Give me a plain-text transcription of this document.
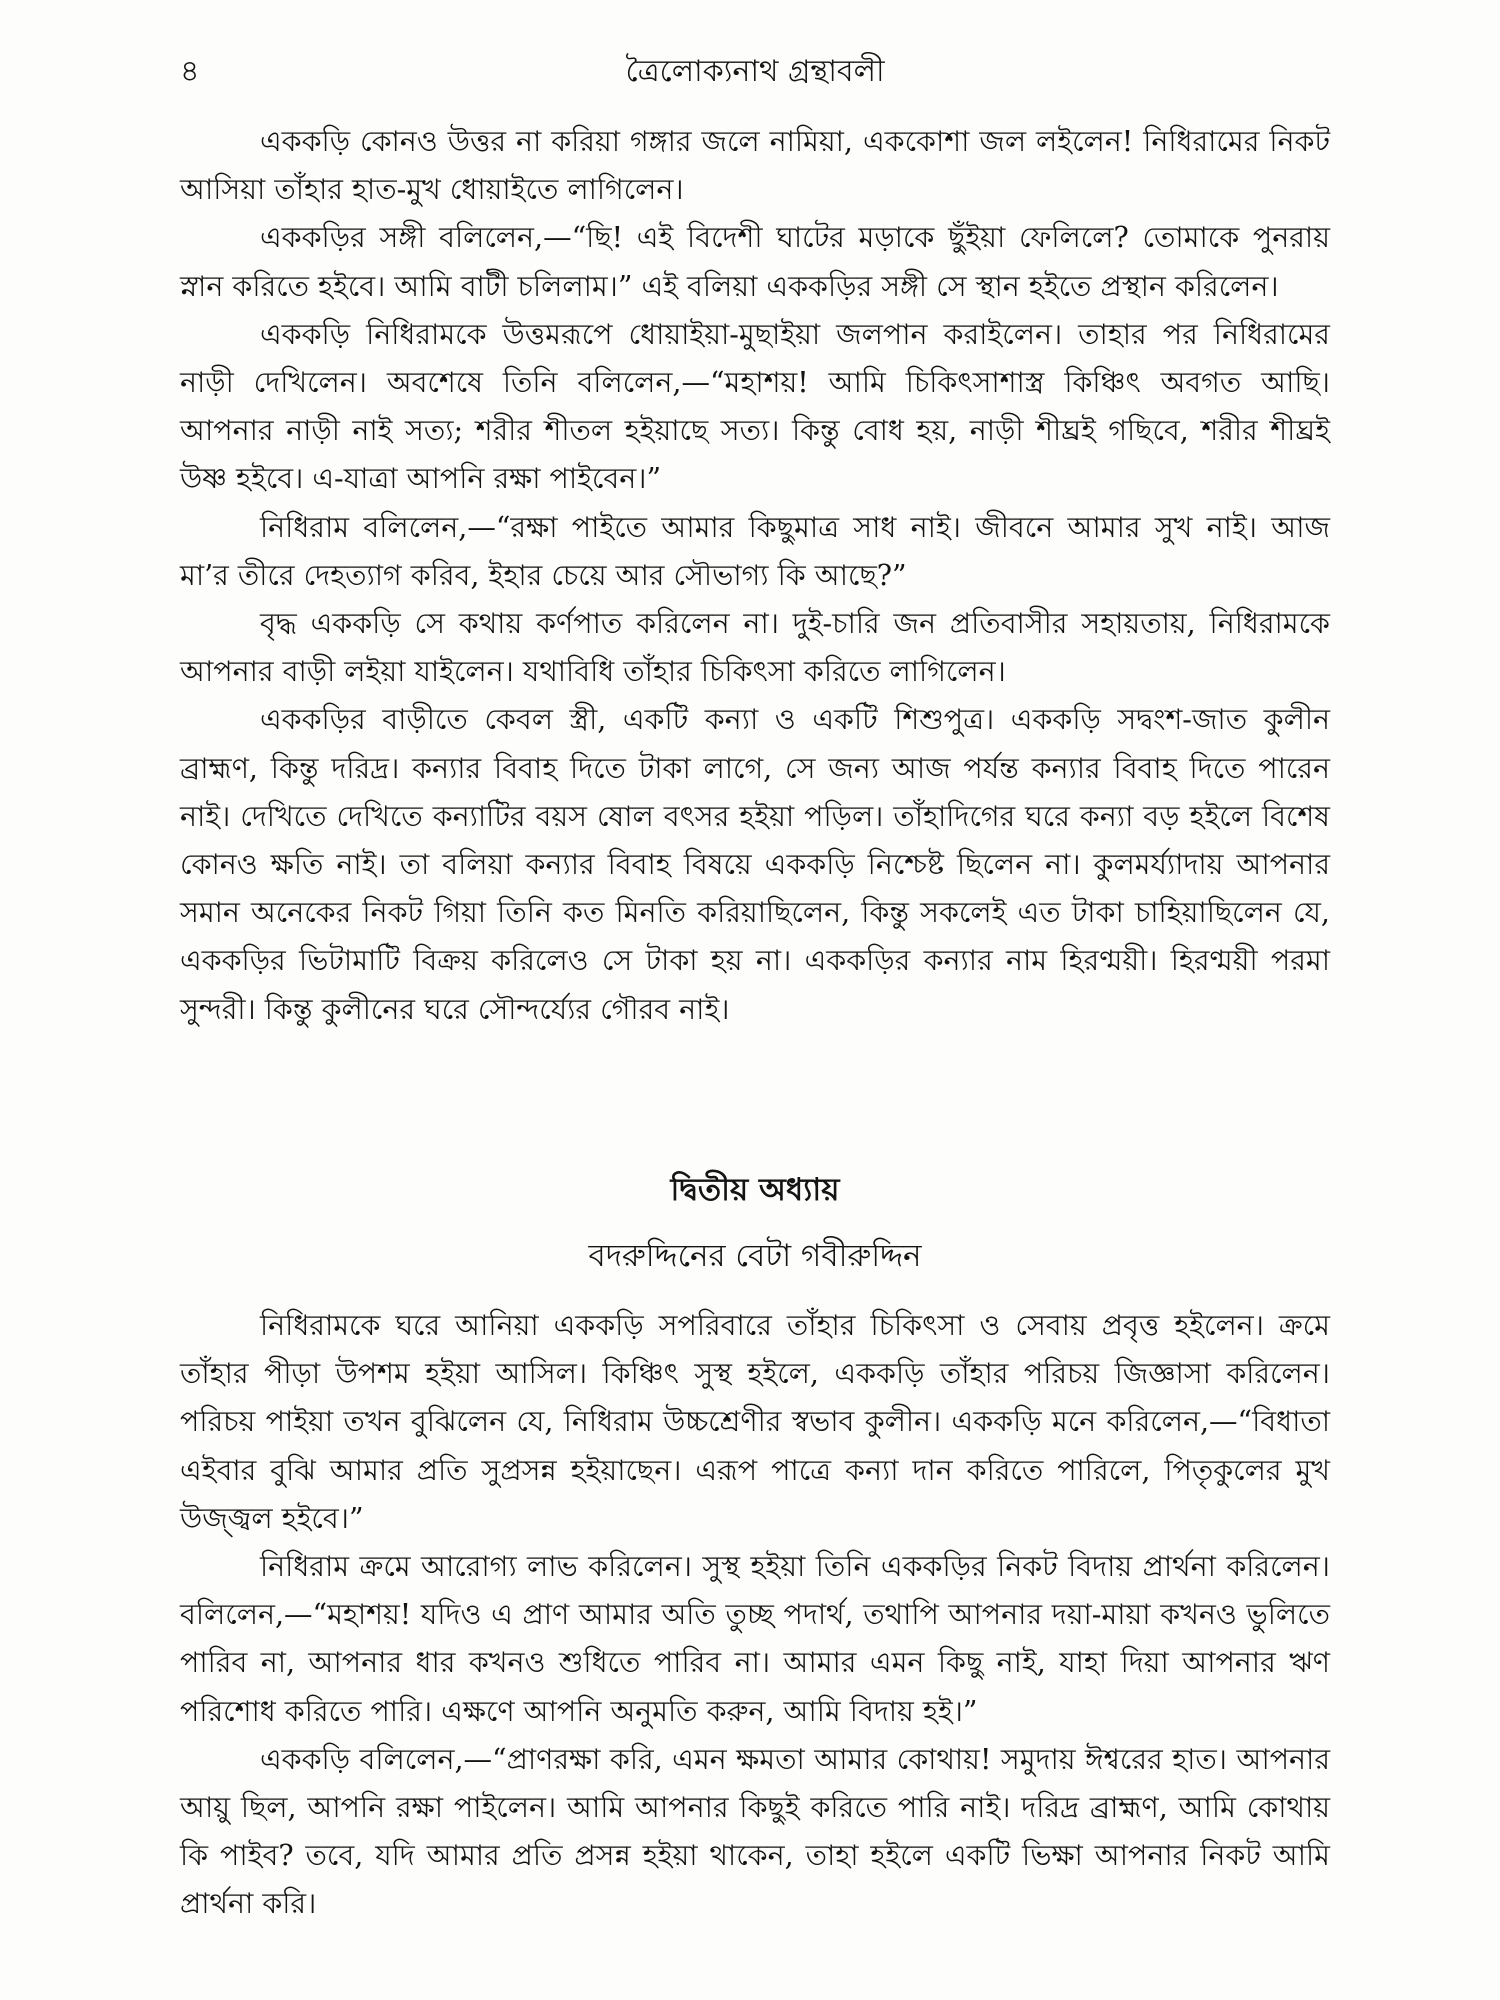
৪	ত্রৈলোক্যনাথ গ্রন্থাবলী

এককড়ি কোনও উত্তর না করিয়া গঙ্গার জলে নামিয়া, এককোশা জল লইলেন! নিধিরামের নিকট আসিয়া তাঁহার হাত-মুখ ধোয়াইতে লাগিলেন।

এককড়ির সঙ্গী বলিলেন,—“ছি! এই বিদেশী ঘাটের মড়াকে ছুঁইয়া ফেলিলে? তোমাকে পুনরায় স্নান করিতে হইবে। আমি বাটী চলিলাম।” এই বলিয়া এককড়ির সঙ্গী সে স্থান হইতে প্রস্থান করিলেন।

এককড়ি নিধিরামকে উত্তমরূপে ধোয়াইয়া-মুছাইয়া জলপান করাইলেন। তাহার পর নিধিরামের নাড়ী দেখিলেন। অবশেষে তিনি বলিলেন,—“মহাশয়! আমি চিকিৎসাশাস্ত্র কিঞ্চিৎ অবগত আছি। আপনার নাড়ী নাই সত্য; শরীর শীতল হইয়াছে সত্য। কিন্তু বোধ হয়, নাড়ী শীঘ্রই গছিবে, শরীর শীঘ্রই উষ্ণ হইবে। এ-যাত্রা আপনি রক্ষা পাইবেন।”

নিধিরাম বলিলেন,—“রক্ষা পাইতে আমার কিছুমাত্র সাধ নাই। জীবনে আমার সুখ নাই। আজ মা’র তীরে দেহত্যাগ করিব, ইহার চেয়ে আর সৌভাগ্য কি আছে?”

বৃদ্ধ এককড়ি সে কথায় কর্ণপাত করিলেন না। দুই-চারি জন প্রতিবাসীর সহায়তায়, নিধিরামকে আপনার বাড়ী লইয়া যাইলেন। যথাবিধি তাঁহার চিকিৎসা করিতে লাগিলেন।

এককড়ির বাড়ীতে কেবল স্ত্রী, একটি কন্যা ও একটি শিশুপুত্র। এককড়ি সদ্বংশ-জাত কুলীন ব্রাহ্মণ, কিন্তু দরিদ্র। কন্যার বিবাহ দিতে টাকা লাগে, সে জন্য আজ পর্যন্ত কন্যার বিবাহ দিতে পারেন নাই। দেখিতে দেখিতে কন্যাটির বয়স ষোল বৎসর হইয়া পড়িল। তাঁহাদিগের ঘরে কন্যা বড় হইলে বিশেষ কোনও ক্ষতি নাই। তা বলিয়া কন্যার বিবাহ বিষয়ে এককড়ি নিশ্চেষ্ট ছিলেন না। কুলমর্য্যাদায় আপনার সমান অনেকের নিকট গিয়া তিনি কত মিনতি করিয়াছিলেন, কিন্তু সকলেই এত টাকা চাহিয়াছিলেন যে, এককড়ির ভিটামাটি বিক্রয় করিলেও সে টাকা হয় না। এককড়ির কন্যার নাম হিরণ্ময়ী। হিরণ্ময়ী পরমা সুন্দরী। কিন্তু কুলীনের ঘরে সৌন্দর্য্যের গৌরব নাই।

দ্বিতীয় অধ্যায়
বদরুদ্দিনের বেটা গবীরুদ্দিন

নিধিরামকে ঘরে আনিয়া এককড়ি সপরিবারে তাঁহার চিকিৎসা ও সেবায় প্রবৃত্ত হইলেন। ক্রমে তাঁহার পীড়া উপশম হইয়া আসিল। কিঞ্চিৎ সুস্থ হইলে, এককড়ি তাঁহার পরিচয় জিজ্ঞাসা করিলেন। পরিচয় পাইয়া তখন বুঝিলেন যে, নিধিরাম উচ্চশ্রেণীর স্বভাব কুলীন। এককড়ি মনে করিলেন,—“বিধাতা এইবার বুঝি আমার প্রতি সুপ্রসন্ন হইয়াছেন। এরূপ পাত্রে কন্যা দান করিতে পারিলে, পিতৃকুলের মুখ উজ্জ্বল হইবে।”

নিধিরাম ক্রমে আরোগ্য লাভ করিলেন। সুস্থ হইয়া তিনি এককড়ির নিকট বিদায় প্রার্থনা করিলেন। বলিলেন,—“মহাশয়! যদিও এ প্রাণ আমার অতি তুচ্ছ পদার্থ, তথাপি আপনার দয়া-মায়া কখনও ভুলিতে পারিব না, আপনার ধার কখনও শুধিতে পারিব না। আমার এমন কিছু নাই, যাহা দিয়া আপনার ঋণ পরিশোধ করিতে পারি। এক্ষণে আপনি অনুমতি করুন, আমি বিদায় হই।”

এককড়ি বলিলেন,—“প্রাণরক্ষা করি, এমন ক্ষমতা আমার কোথায়! সমুদায় ঈশ্বরের হাত। আপনার আয়ু ছিল, আপনি রক্ষা পাইলেন। আমি আপনার কিছুই করিতে পারি নাই। দরিদ্র ব্রাহ্মণ, আমি কোথায় কি পাইব? তবে, যদি আমার প্রতি প্রসন্ন হইয়া থাকেন, তাহা হইলে একটি ভিক্ষা আপনার নিকট আমি প্রার্থনা করি।
